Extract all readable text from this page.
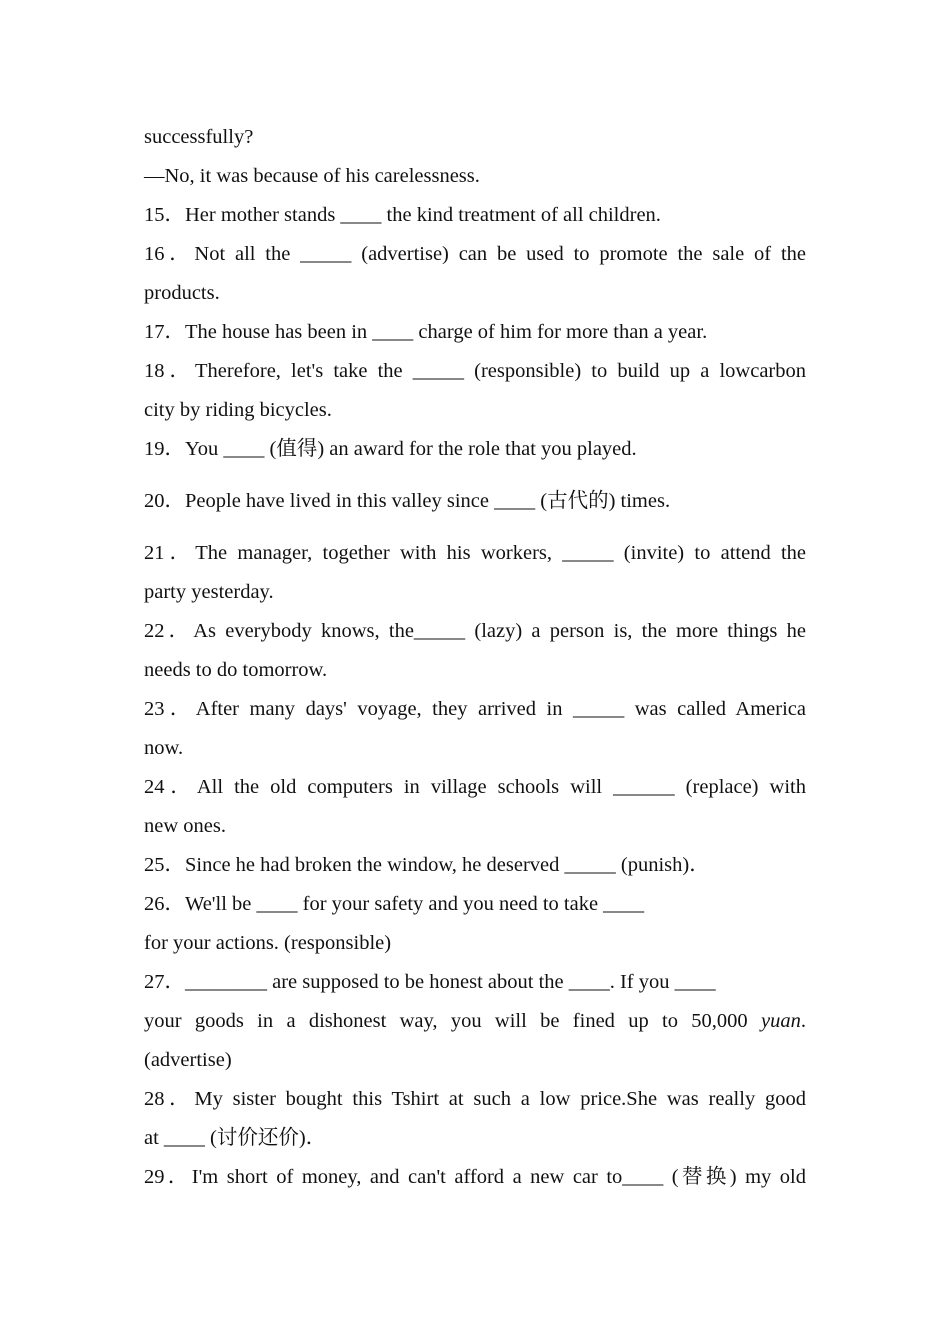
successfully?
—No, it was because of his carelessness.
15．Her mother stands ____ the kind treatment of all children.
16．Not all the _____ (advertise) can be used to promote the sale of the
products.
17．The house has been in ____ charge of him for more than a year.
18．Therefore, let's take the _____ (responsible) to build up a lowcarbon
city by riding bicycles.
19．You ____ (值得) an award for the role that you played.
20．People have lived in this valley since ____ (古代的) times.
21．The manager, together with his workers, _____ (invite) to attend the
party yesterday.
22．As everybody knows, the_____ (lazy) a person is, the more things he
needs to do tomorrow.
23．After many days' voyage, they arrived in _____ was called America
now.
24．All the old computers in village schools will ______ (replace) with
new ones.
25．Since he had broken the window, he deserved _____ (punish)．
26．We'll be ____ for your safety and you need to take ____
for your actions. (responsible)
27．________ are supposed to be honest about the ____. If you ____
your goods in a dishonest way, you will be fined up to 50,000 yuan.
(advertise)
28．My sister bought this Tshirt at such a low price.She was really good
at ____ (讨价还价)．
29．I'm short of money, and can't afford a new car to____ (替换) my old
